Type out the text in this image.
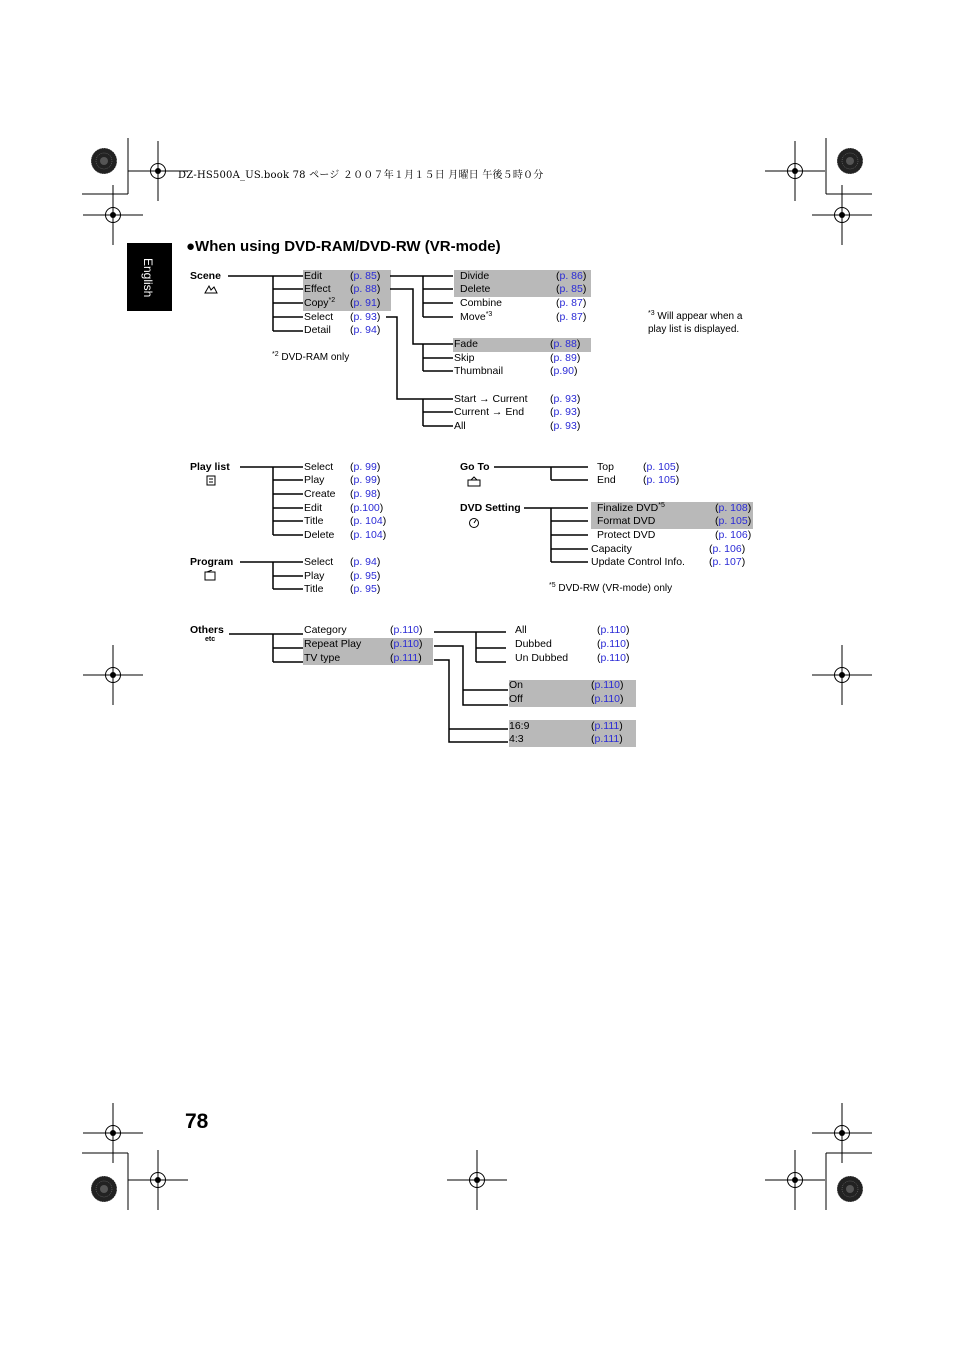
DZ-HS500A_US.book 78 ページ ２００７年１月１５日 月曜日 午後５時０分
English
●When using DVD-RAM/DVD-RW (VR-mode)
Scene	Edit	(p. 85)
Effect (p. 88)
Copy$^{*2}$ (p. 91)
Select (p. 93)
Detail (p. 94)
$^{*2}$ DVD-RAM only
Divide	(p. 86)
Delete	(p. 85)
Combine	(p. 87)
Move$^{*3}$	(p. 87)	$^{*3}$ Will appear when a
play list is displayed.
Fade	(p. 88)
Skip	(p. 89)
Thumbnail	(p.90)
Start → Current (p. 93)
Current → End (p. 93)
All	(p. 93)
Play list	Select (p. 99)
Play (p. 99)
Create (p. 98)
Edit	(p.100)
Title	(p. 104)
Delete (p. 104)
Program	Select (p. 94)
Play (p. 95)
Title	(p. 95)
Go To	Top	(p. 105)
End	(p. 105)
DVD Setting	Finalize DVD$^{*5}$	(p. 108)
Format DVD	(p. 105)
Protect DVD	(p. 106)
Capacity	(p. 106)
Update Control Info. (p. 107)
$^{*5}$ DVD-RW (VR-mode) only
Others
etc
Category	(p.110)
Repeat Play	(p.110)
TV type	(p.111)
All	(p.110)
Dubbed	(p.110)
Un Dubbed	(p.110)
On	(p.110)
Off	(p.110)
16:9	(p.111)
4:3	(p.111)
78
